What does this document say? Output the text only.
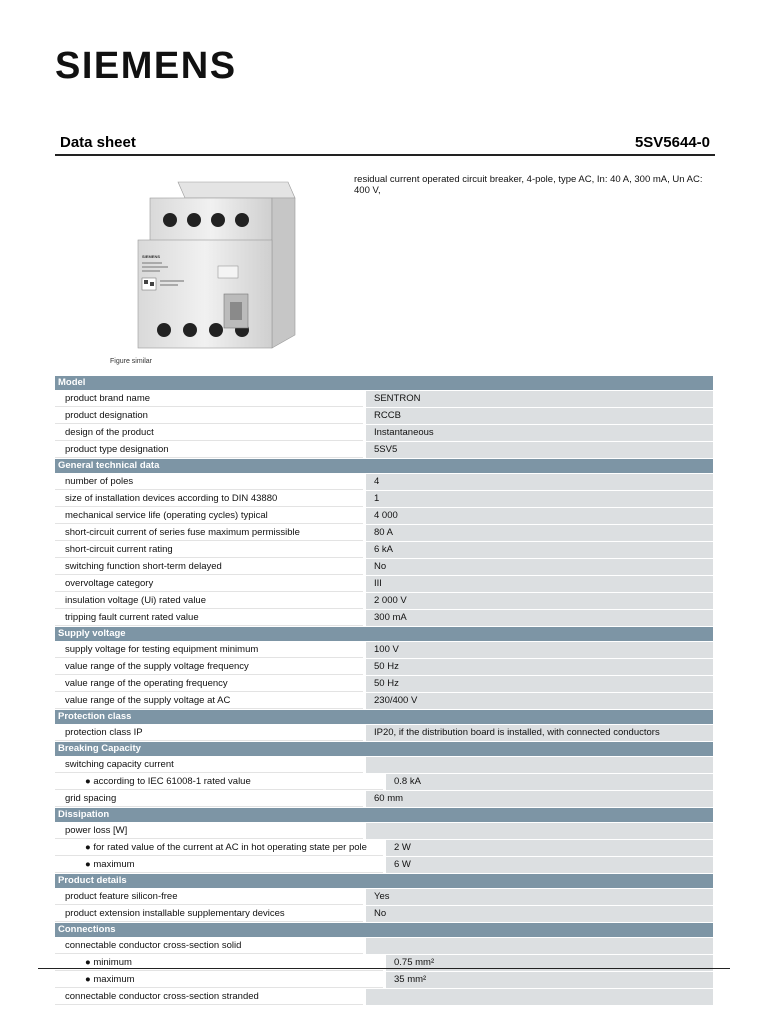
SIEMENS
Data sheet	5SV5644-0
SIEMENS
Figure similar
residual current operated circuit breaker, 4-pole, type AC, In: 40 A, 300 mA, Un AC: 400 V,
Model
product brand name	SENTRON
product designation	RCCB
design of the product	Instantaneous
product type designation	5SV5
General technical data
number of poles	4
size of installation devices according to DIN 43880	1
mechanical service life (operating cycles) typical	4 000
short-circuit current of series fuse maximum permissible	80 A
short-circuit current rating	6 kA
switching function short-term delayed	No
overvoltage category	III
insulation voltage (Ui) rated value	2 000 V
tripping fault current rated value	300 mA
Supply voltage
supply voltage for testing equipment minimum	100 V
value range of the supply voltage frequency	50 Hz
value range of the operating frequency	50 Hz
value range of the supply voltage at AC	230/400 V
Protection class
protection class IP	IP20, if the distribution board is installed, with connected conductors
Breaking Capacity
switching capacity current
● according to IEC 61008-1 rated value	0.8 kA
grid spacing	60 mm
Dissipation
power loss [W]
● for rated value of the current at AC in hot operating state per pole	2 W
● maximum	6 W
Product details
product feature silicon-free	Yes
product extension installable supplementary devices	No
Connections
connectable conductor cross-section solid
● minimum	0.75 mm²
● maximum	35 mm²
connectable conductor cross-section stranded
